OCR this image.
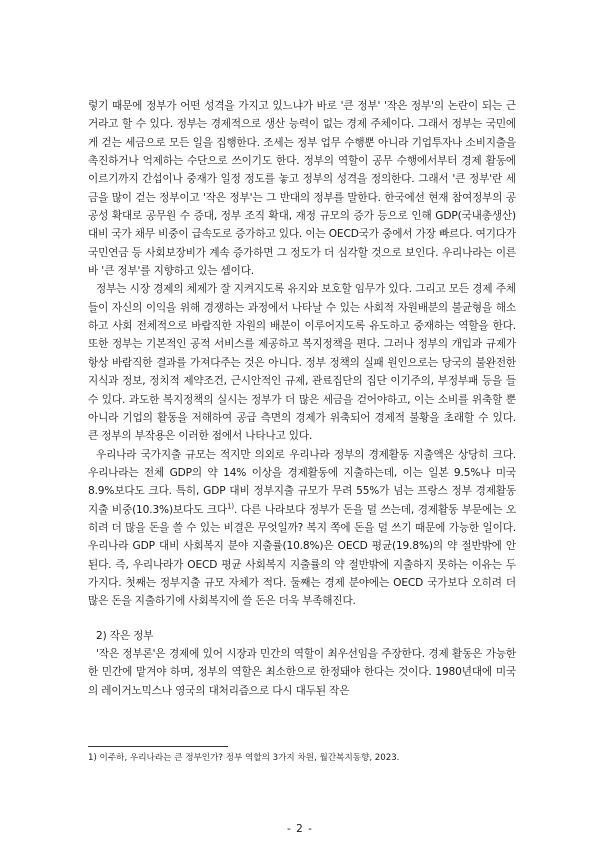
렇기 때문에 정부가 어떤 성격을 가지고 있느냐가 바로 '큰 정부' '작은 정부'의 논란이 되는 근거라고 할 수 있다. 정부는 경제적으로 생산 능력이 없는 경제 주체이다. 그래서 정부는 국민에게 걷는 세금으로 모든 일을 집행한다. 조세는 정부 업무 수행뿐 아니라 기업투자나 소비지출을 촉진하거나 억제하는 수단으로 쓰이기도 한다. 정부의 역할이 공무 수행에서부터 경제 활동에 이르기까지 간섭이나 중재가 일정 정도를 놓고 정부의 성격을 정의한다. 그래서 '큰 정부'란 세금을 많이 걷는 정부이고 '작은 정부'는 그 반대의 정부를 말한다. 한국에선 현재 참여정부의 공공성 확대로 공무원 수 증대, 정부 조직 확대, 재정 규모의 증가 등으로 인해 GDP(국내총생산) 대비 국가 채무 비중이 급속도로 증가하고 있다. 이는 OECD국가 중에서 가장 빠르다. 여기다가 국민연금 등 사회보장비가 계속 증가하면 그 정도가 더 심각할 것으로 보인다. 우리나라는 이른바 '큰 정부'를 지향하고 있는 셈이다.

정부는 시장 경제의 체제가 잘 지켜지도록 유지와 보호할 임무가 있다. 그리고 모든 경제 주체들이 자신의 이익을 위해 경쟁하는 과정에서 나타날 수 있는 사회적 자원배분의 불균형을 해소하고 사회 전체적으로 바람직한 자원의 배분이 이루어지도록 유도하고 중재하는 역할을 한다. 또한 정부는 기본적인 공적 서비스를 제공하고 복지정책을 편다. 그러나 정부의 개입과 규제가 항상 바람직한 결과를 가져다주는 것은 아니다. 정부 정책의 실패 원인으로는 당국의 불완전한 지식과 정보, 정치적 제약조건, 근시안적인 규제, 관료집단의 집단 이기주의, 부정부패 등을 들 수 있다. 과도한 복지정책의 실시는 정부가 더 많은 세금을 걷어야하고, 이는 소비를 위축할 뿐 아니라 기업의 활동을 저해하여 공급 측면의 경제가 위축되어 경제적 불황을 초래할 수 있다. 큰 정부의 부작용은 이러한 점에서 나타나고 있다.

우리나라 국가지출 규모는 적지만 의외로 우리나라 정부의 경제활동 지출액은 상당히 크다. 우리나라는 전체 GDP의 약 14% 이상을 경제활동에 지출하는데, 이는 일본 9.5%나 미국 8.9%보다도 크다. 특히, GDP 대비 정부지출 규모가 무려 55%가 넘는 프랑스 정부 경제활동 지출 비중(10.3%)보다도 크다$^{1)}$. 다른 나라보다 정부가 돈을 덜 쓰는데, 경제활동 부문에는 오히려 더 많을 돈을 쓸 수 있는 비결은 무엇일까? 복지 쪽에 돈을 덜 쓰기 때문에 가능한 일이다. 우리나라 GDP 대비 사회복지 분야 지출률(10.8%)은 OECD 평균(19.8%)의 약 절반밖에 안 된다. 즉, 우리나라가 OECD 평균 사회복지 지출률의 약 절반밖에 지출하지 못하는 이유는 두 가지다. 첫째는 정부지출 규모 자체가 적다. 둘째는 경제 분야에는 OECD 국가보다 오히려 더 많은 돈을 지출하기에 사회복지에 쓸 돈은 더욱 부족해진다.

2) 작은 정부

'작은 정부론'은 경제에 있어 시장과 민간의 역할이 최우선임을 주장한다. 경제 활동은 가능한 한 민간에 맡겨야 하며, 정부의 역할은 최소한으로 한정돼야 한다는 것이다. 1980년대에 미국의 레이거노믹스나 영국의 대처리즘으로 다시 대두된 작은

1) 이주하, 우리나라는 큰 정부인가? 정부 역할의 3가지 차원, 월간복지동향, 2023.
- 2 -
